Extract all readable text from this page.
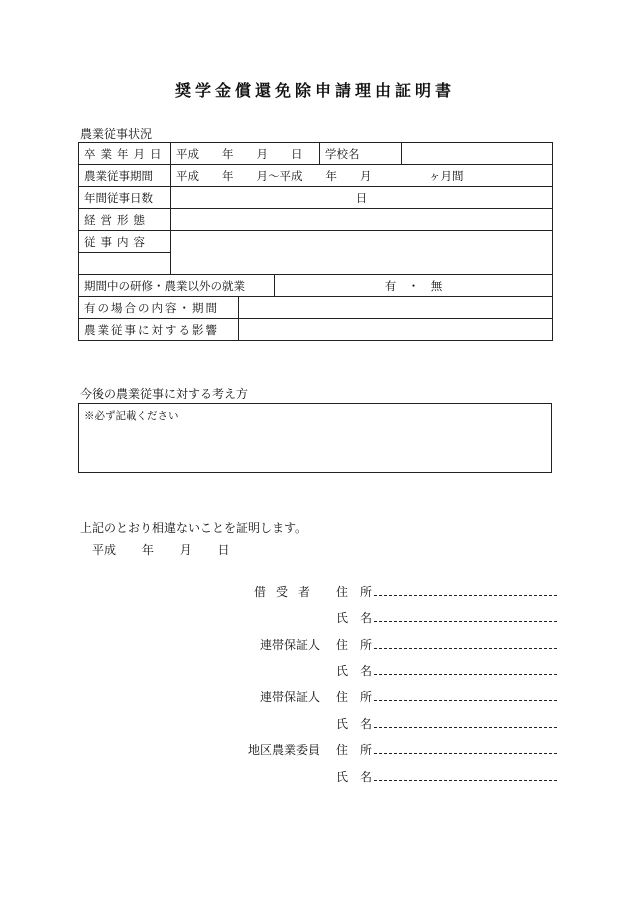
奨学金償還免除申請理由証明書
農業従事状況
卒業年月日	平成　　年　　月　　日			学校名	
農業従事期間	平成　　年　　月～平成　　年　　月　　　　　ヶ月間				
年間従事日数	日				
経営形態					
従事内容					

期間中の研修・農業以外の就業			有　・　無		
有の場合の内容・期間					
農業従事に対する影響					
今後の農業従事に対する考え方
※必ず記載ください
上記のとおり相違ないことを証明します。
平成 年 月 日
借受者 住　所
氏　名
連帯保証人 住　所
氏　名
連帯保証人 住　所
氏　名
地区農業委員 住　所
氏　名
